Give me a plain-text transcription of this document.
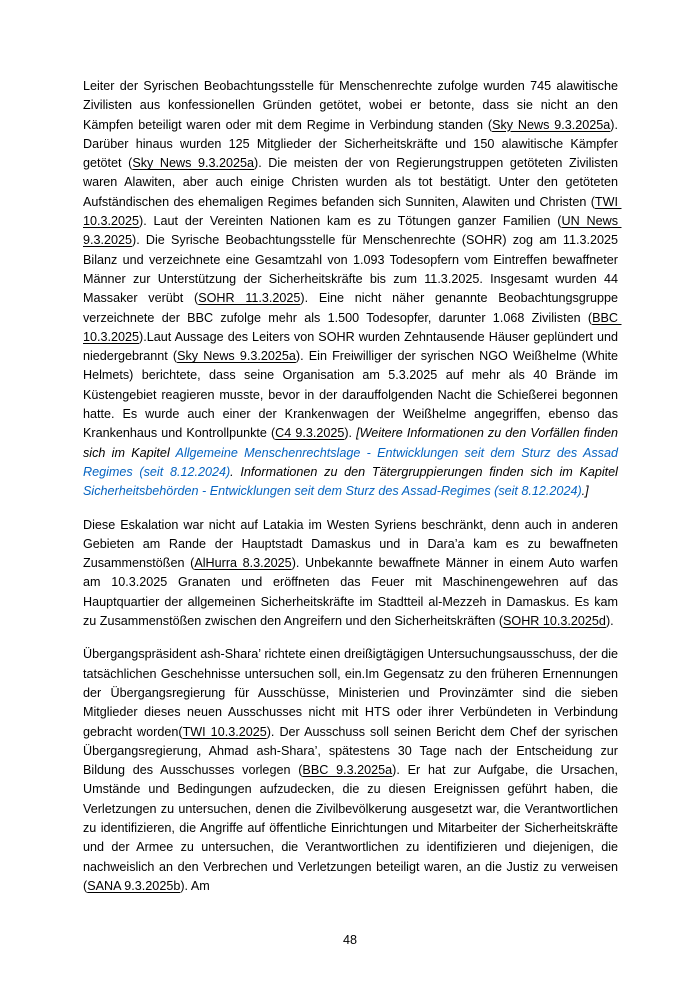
Leiter der Syrischen Beobachtungsstelle für Menschenrechte zufolge wurden 745 alawitische Zivilisten aus konfessionellen Gründen getötet, wobei er betonte, dass sie nicht an den Kämpfen beteiligt waren oder mit dem Regime in Verbindung standen (Sky News 9.3.2025a). Darüber hinaus wurden 125 Mitglieder der Sicherheitskräfte und 150 alawitische Kämpfer getötet (Sky News 9.3.2025a). Die meisten der von Regierungstruppen getöteten Zivilisten waren Alawiten, aber auch einige Christen wurden als tot bestätigt. Unter den getöteten Aufständischen des ehemaligen Regimes befanden sich Sunniten, Alawiten und Christen (TWI 10.3.2025). Laut der Vereinten Nationen kam es zu Tötungen ganzer Familien (UN News 9.3.2025). Die Syrische Beobachtungsstelle für Menschenrechte (SOHR) zog am 11.3.2025 Bilanz und verzeichnete eine Gesamtzahl von 1.093 Todesopfern vom Eintreffen bewaffneter Männer zur Unterstützung der Sicherheitskräfte bis zum 11.3.2025. Insgesamt wurden 44 Massaker verübt (SOHR 11.3.2025). Eine nicht näher genannte Beobachtungsgruppe verzeichnete der BBC zufolge mehr als 1.500 Todesopfer, darunter 1.068 Zivilisten (BBC 10.3.2025).Laut Aussage des Leiters von SOHR wurden Zehntausende Häuser geplündert und niedergebrannt (Sky News 9.3.2025a). Ein Freiwilliger der syrischen NGO Weißhelme (White Helmets) berichtete, dass seine Organisation am 5.3.2025 auf mehr als 40 Brände im Küstengebiet reagieren musste, bevor in der darauffolgenden Nacht die Schießerei begonnen hatte. Es wurde auch einer der Krankenwagen der Weißhelme angegriffen, ebenso das Krankenhaus und Kontrollpunkte (C4 9.3.2025). [Weitere Informationen zu den Vorfällen finden sich im Kapitel Allgemeine Menschenrechtslage - Entwicklungen seit dem Sturz des Assad Regimes (seit 8.12.2024). Informationen zu den Tätergruppierungen finden sich im Kapitel Sicherheitsbehörden - Entwicklungen seit dem Sturz des Assad-Regimes (seit 8.12.2024).]

Diese Eskalation war nicht auf Latakia im Westen Syriens beschränkt, denn auch in anderen Gebieten am Rande der Hauptstadt Damaskus und in Dara’a kam es zu bewaffneten Zusammenstößen (AlHurra 8.3.2025). Unbekannte bewaffnete Männer in einem Auto warfen am 10.3.2025 Granaten und eröffneten das Feuer mit Maschinengewehren auf das Hauptquartier der allgemeinen Sicherheitskräfte im Stadtteil al-Mezzeh in Damaskus. Es kam zu Zusammenstößen zwischen den Angreifern und den Sicherheitskräften (SOHR 10.3.2025d).

Übergangspräsident ash-Shara’ richtete einen dreißigtägigen Untersuchungsausschuss, der die tatsächlichen Geschehnisse untersuchen soll, ein.Im Gegensatz zu den früheren Ernennungen der Übergangsregierung für Ausschüsse, Ministerien und Provinzämter sind die sieben Mitglieder dieses neuen Ausschusses nicht mit HTS oder ihrer Verbündeten in Verbindung gebracht worden(TWI 10.3.2025). Der Ausschuss soll seinen Bericht dem Chef der syrischen Übergangsregierung, Ahmad ash-Shara’, spätestens 30 Tage nach der Entscheidung zur Bildung des Ausschusses vorlegen (BBC 9.3.2025a). Er hat zur Aufgabe, die Ursachen, Umstände und Bedingungen aufzudecken, die zu diesen Ereignissen geführt haben, die Verletzungen zu untersuchen, denen die Zivilbevölkerung ausgesetzt war, die Verantwortlichen zu identifizieren, die Angriffe auf öffentliche Einrichtungen und Mitarbeiter der Sicherheitskräfte und der Armee zu untersuchen, die Verantwortlichen zu identifizieren und diejenigen, die nachweislich an den Verbrechen und Verletzungen beteiligt waren, an die Justiz zu verweisen (SANA 9.3.2025b). Am

48
